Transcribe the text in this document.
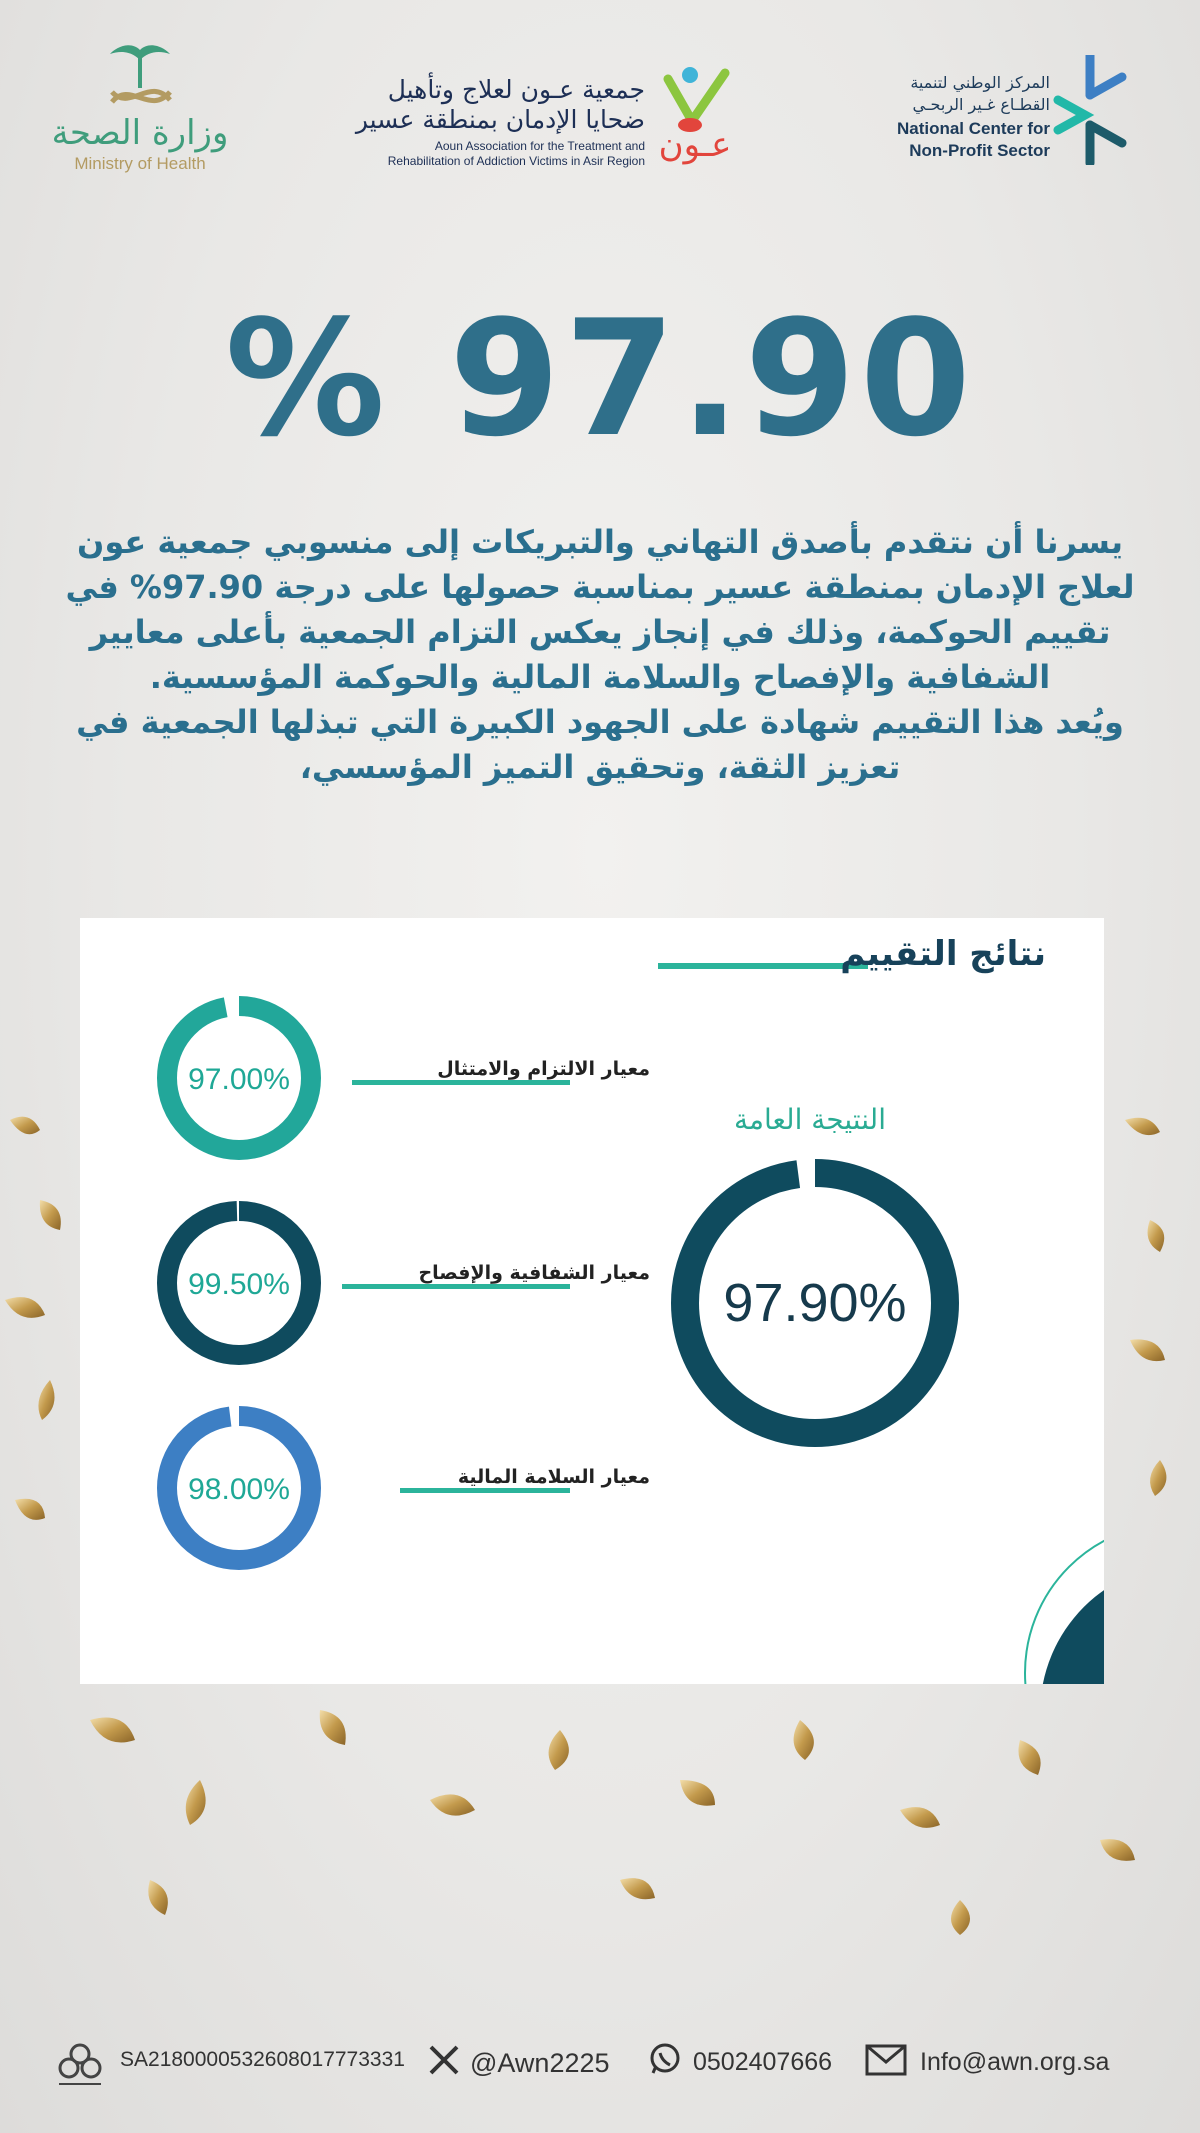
وزارة الصحة
Ministry of Health
جمعية عـون لعلاج وتأهيل
ضحايا الإدمان بمنطقة عسير
Aoun Association for the Treatment and
Rehabilitation of Addiction Victims in Asir Region عـون
المركز الوطني لتنمية
القطـاع غـير الربحـي
National Center for
Non-Profit Sector
% 97.90
يسرنا أن نتقدم بأصدق التهاني والتبريكات إلى منسوبي جمعية عون
لعلاج الإدمان بمنطقة عسير بمناسبة حصولها على درجة 97.90% في
تقييم الحوكمة، وذلك في إنجاز يعكس التزام الجمعية بأعلى معايير
الشفافية والإفصاح والسلامة المالية والحوكمة المؤسسية.
ويُعد هذا التقييم شهادة على الجهود الكبيرة التي تبذلها الجمعية في
تعزيز الثقة، وتحقيق التميز المؤسسي،
نتائج التقييم
97.00%
99.50%
98.00%
معيار الالتزام والامتثال
معيار الشفافية والإفصاح
معيار السلامة المالية
النتيجة العامة
97.90%
SA2180000532608017773331 @Awn2225	0502407666	Info@awn.org.sa
